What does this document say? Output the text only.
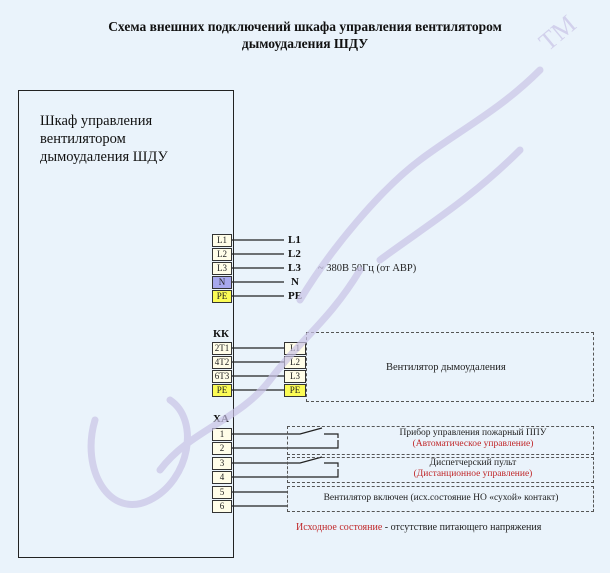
Схема внешних подключений шкафа управления вентилятором
дымоудаления ШДУ
Шкаф управления
вентилятором
дымоудаления ШДУ
L1
L2
L3
N
PE
L1
L2
L3
N
PE
~ 380В 50Гц (от АВР)
КК
2T1
4T2
6T3
PE
L1
L2
L3
PE
Вентилятор дымоудаления
ХА
1
2
3
4
5
6
Прибор управления пожарный ППУ
(Автоматическое управление)
Диспетчерский пульт
(Дистанционное управление)
Вентилятор включен (исх.состояние НО «сухой» контакт)
Исходное состояние - отсутствие питающего напряжения
TM
